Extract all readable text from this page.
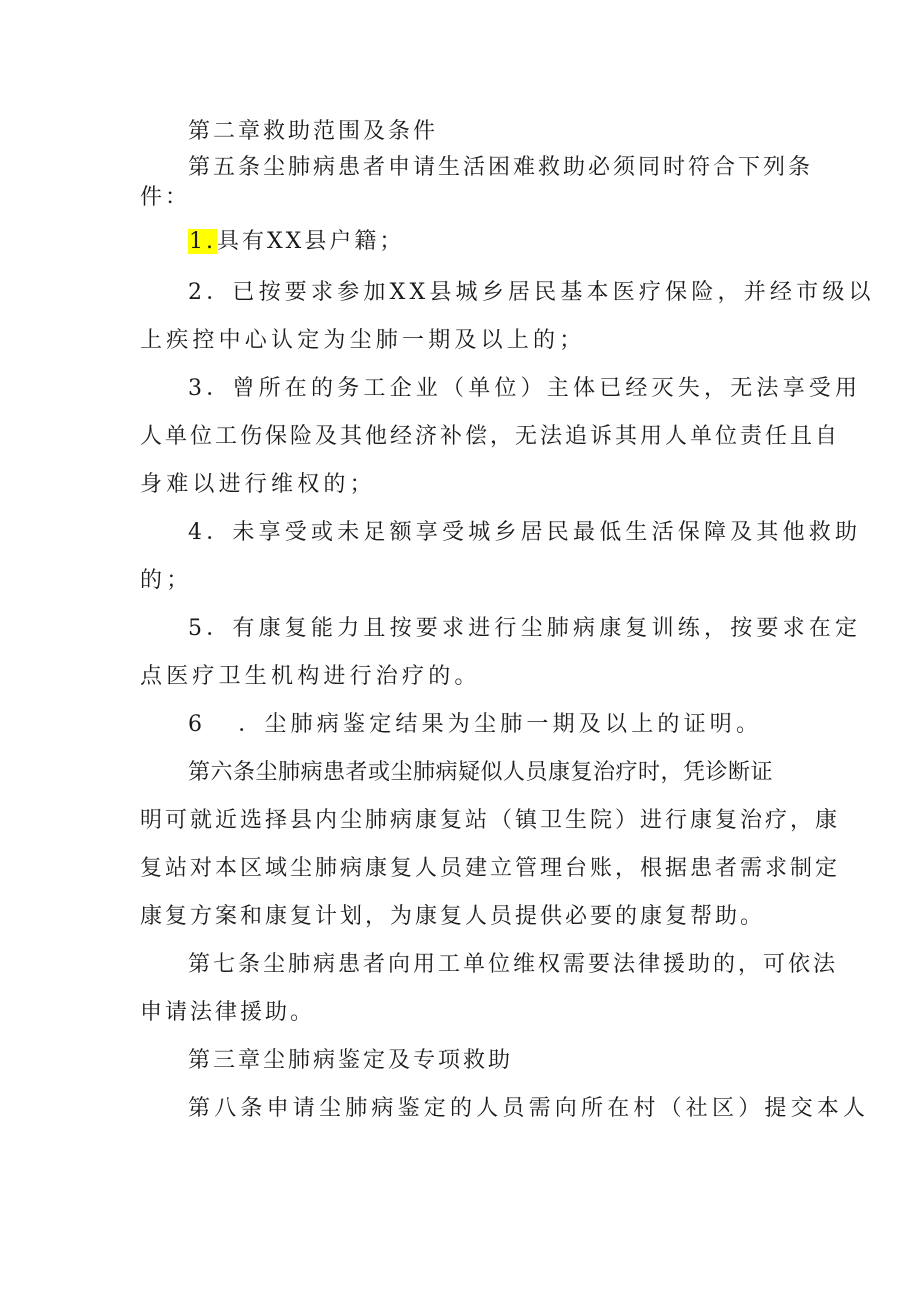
第二章救助范围及条件
第五条尘肺病患者申请生活困难救助必须同时符合下列条
件：
1.具有XX县户籍；
2．已按要求参加XX县城乡居民基本医疗保险，并经市级以
上疾控中心认定为尘肺一期及以上的；
3．曾所在的务工企业（单位）主体已经灭失，无法享受用
人单位工伤保险及其他经济补偿，无法追诉其用人单位责任且自
身难以进行维权的；
4．未享受或未足额享受城乡居民最低生活保障及其他救助
的；
5．有康复能力且按要求进行尘肺病康复训练，按要求在定
点医疗卫生机构进行治疗的。
6 ．尘肺病鉴定结果为尘肺一期及以上的证明。
第六条尘肺病患者或尘肺病疑似人员康复治疗时，凭诊断证
明可就近选择县内尘肺病康复站（镇卫生院）进行康复治疗，康
复站对本区域尘肺病康复人员建立管理台账，根据患者需求制定
康复方案和康复计划，为康复人员提供必要的康复帮助。
第七条尘肺病患者向用工单位维权需要法律援助的，可依法
申请法律援助。
第三章尘肺病鉴定及专项救助
第八条申请尘肺病鉴定的人员需向所在村（社区）提交本人
